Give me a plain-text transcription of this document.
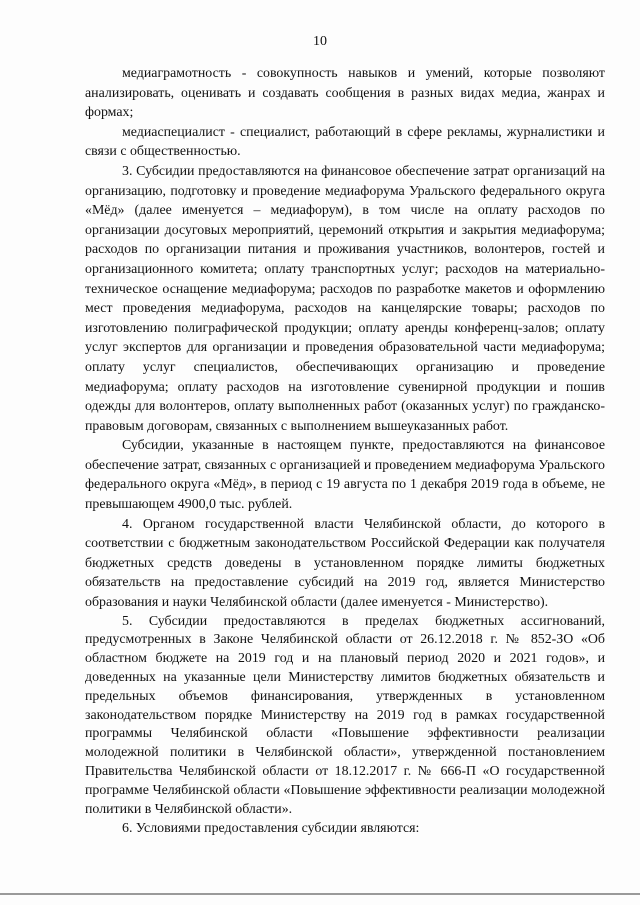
10

медиаграмотность - совокупность навыков и умений, которые позволяют анализировать, оценивать и создавать сообщения в разных видах медиа, жанрах и формах;

медиаспециалист - специалист, работающий в сфере рекламы, журналистики и связи с общественностью.

3. Субсидии предоставляются на финансовое обеспечение затрат организаций на организацию, подготовку и проведение медиафорума Уральского федерального округа «Мёд» (далее именуется – медиафорум), в том числе на оплату расходов по организации досуговых мероприятий, церемоний открытия и закрытия медиафорума; расходов по организации питания и проживания участников, волонтеров, гостей и организационного комитета; оплату транспортных услуг; расходов на материально-техническое оснащение медиафорума; расходов по разработке макетов и оформлению мест проведения медиафорума, расходов на канцелярские товары; расходов по изготовлению полиграфической продукции; оплату аренды конференц-залов; оплату услуг экспертов для организации и проведения образовательной части медиафорума; оплату услуг специалистов, обеспечивающих организацию и проведение медиафорума; оплату расходов на изготовление сувенирной продукции и пошив одежды для волонтеров, оплату выполненных работ (оказанных услуг) по гражданско-правовым договорам, связанных с выполнением вышеуказанных работ.

Субсидии, указанные в настоящем пункте, предоставляются на финансовое обеспечение затрат, связанных с организацией и проведением медиафорума Уральского федерального округа «Мёд», в период с 19 августа по 1 декабря 2019 года в объеме, не превышающем 4900,0 тыс. рублей.

4. Органом государственной власти Челябинской области, до которого в соответствии с бюджетным законодательством Российской Федерации как получателя бюджетных средств доведены в установленном порядке лимиты бюджетных обязательств на предоставление субсидий на 2019 год, является Министерство образования и науки Челябинской области (далее именуется - Министерство).

5. Субсидии предоставляются в пределах бюджетных ассигнований, предусмотренных в Законе Челябинской области от 26.12.2018 г. № 852-ЗО «Об областном бюджете на 2019 год и на плановый период 2020 и 2021 годов», и доведенных на указанные цели Министерству лимитов бюджетных обязательств и предельных объемов финансирования, утвержденных в установленном законодательством порядке Министерству на 2019 год в рамках государственной программы Челябинской области «Повышение эффективности реализации молодежной политики в Челябинской области», утвержденной постановлением Правительства Челябинской области от 18.12.2017 г. № 666-П «О государственной программе Челябинской области «Повышение эффективности реализации молодежной политики в Челябинской области».

6. Условиями предоставления субсидии являются:
